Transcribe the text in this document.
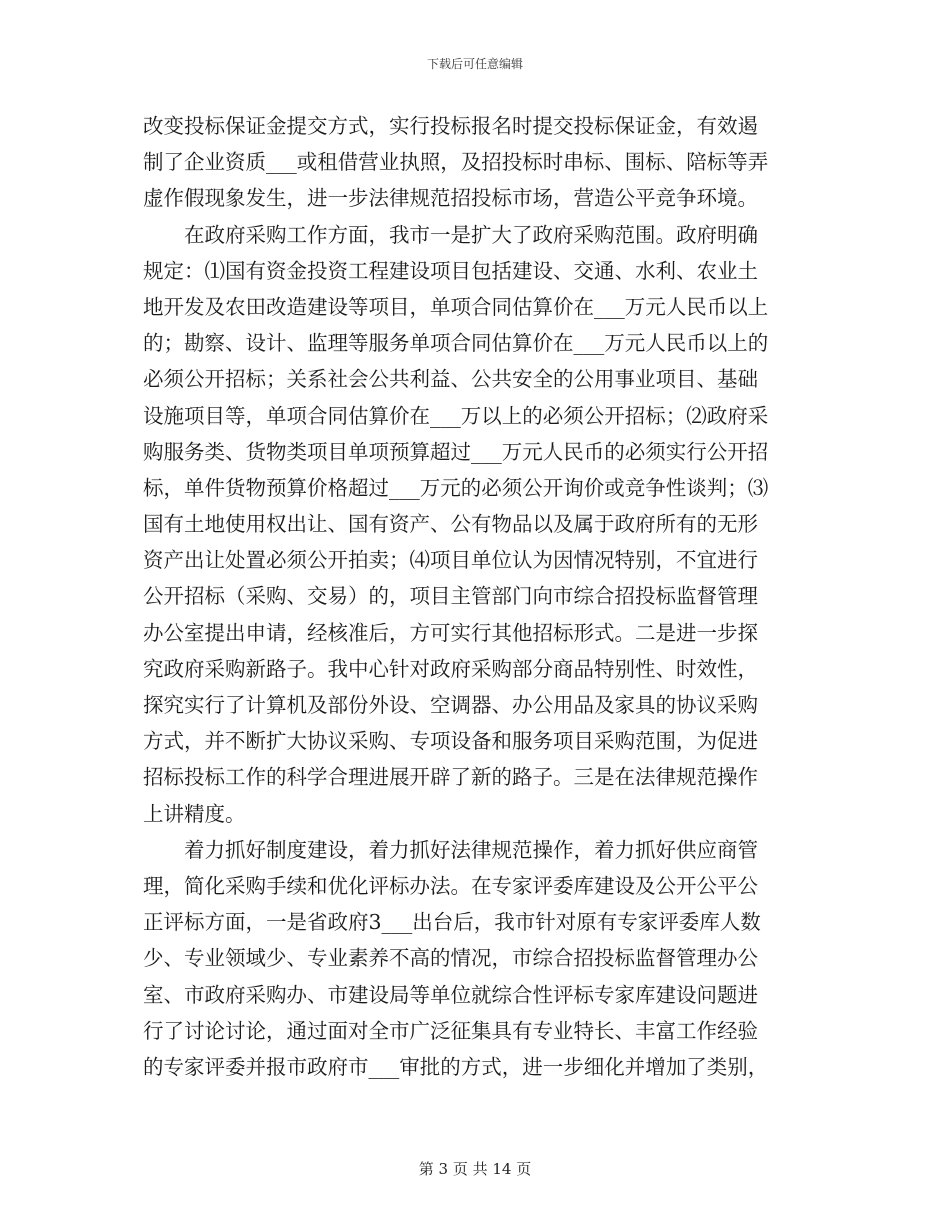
下载后可任意编辑
改变投标保证金提交方式，实行投标报名时提交投标保证金，有效遏
制了企业资质___或租借营业执照，及招投标时串标、围标、陪标等弄
虚作假现象发生，进一步法律规范招投标市场，营造公平竞争环境。
　　在政府采购工作方面，我市一是扩大了政府采购范围。政府明确
规定：⑴国有资金投资工程建设项目包括建设、交通、水利、农业土
地开发及农田改造建设等项目，单项合同估算价在___万元人民币以上
的；勘察、设计、监理等服务单项合同估算价在___万元人民币以上的
必须公开招标；关系社会公共利益、公共安全的公用事业项目、基础
设施项目等，单项合同估算价在___万以上的必须公开招标；⑵政府采
购服务类、货物类项目单项预算超过___万元人民币的必须实行公开招
标，单件货物预算价格超过___万元的必须公开询价或竞争性谈判；⑶
国有土地使用权出让、国有资产、公有物品以及属于政府所有的无形
资产出让处置必须公开拍卖；⑷项目单位认为因情况特别，不宜进行
公开招标（采购、交易）的，项目主管部门向市综合招投标监督管理
办公室提出申请，经核准后，方可实行其他招标形式。二是进一步探
究政府采购新路子。我中心针对政府采购部分商品特别性、时效性，
探究实行了计算机及部份外设、空调器、办公用品及家具的协议采购
方式，并不断扩大协议采购、专项设备和服务项目采购范围，为促进
招标投标工作的科学合理进展开辟了新的路子。三是在法律规范操作
上讲精度。
　　着力抓好制度建设，着力抓好法律规范操作，着力抓好供应商管
理，简化采购手续和优化评标办法。在专家评委库建设及公开公平公
正评标方面，一是省政府3___出台后，我市针对原有专家评委库人数
少、专业领域少、专业素养不高的情况，市综合招投标监督管理办公
室、市政府采购办、市建设局等单位就综合性评标专家库建设问题进
行了讨论讨论，通过面对全市广泛征集具有专业特长、丰富工作经验
的专家评委并报市政府市___审批的方式，进一步细化并增加了类别，
第 3 页 共 14 页
